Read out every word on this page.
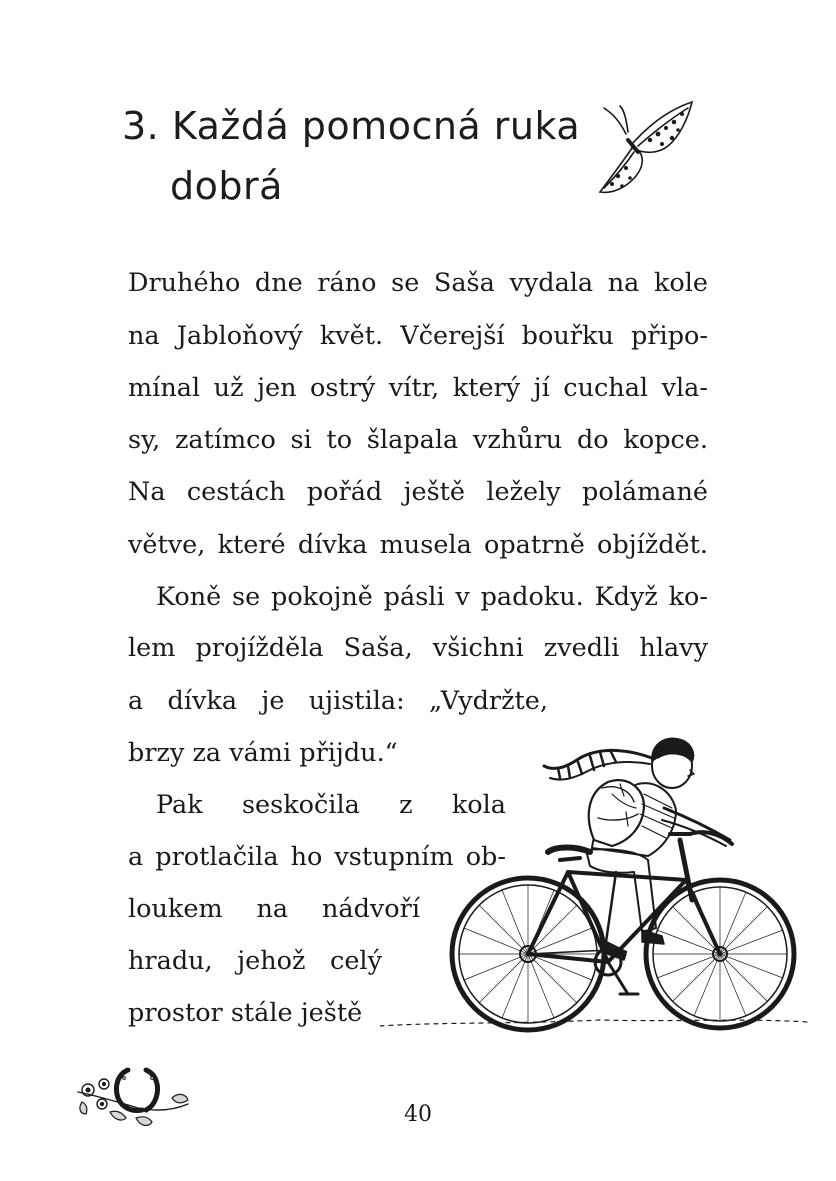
3. Každá pomocná ruka
dobrá
Druhého dne ráno se Saša vydala na kole
na Jabloňový květ. Včerejší bouřku připo-
mínal už jen ostrý vítr, který jí cuchal vla-
sy, zatímco si to šlapala vzhůru do kopce.
Na cestách pořád ještě ležely polámané
větve, které dívka musela opatrně objíždět.
Koně se pokojně pásli v padoku. Když ko-
lem projížděla Saša, všichni zvedli hlavy
a dívka je ujistila: „Vydržte,
brzy za vámi přijdu.“
Pak seskočila z kola
a protlačila ho vstupním ob-
loukem na nádvoří
hradu, jehož celý
prostor stále ještě
40
